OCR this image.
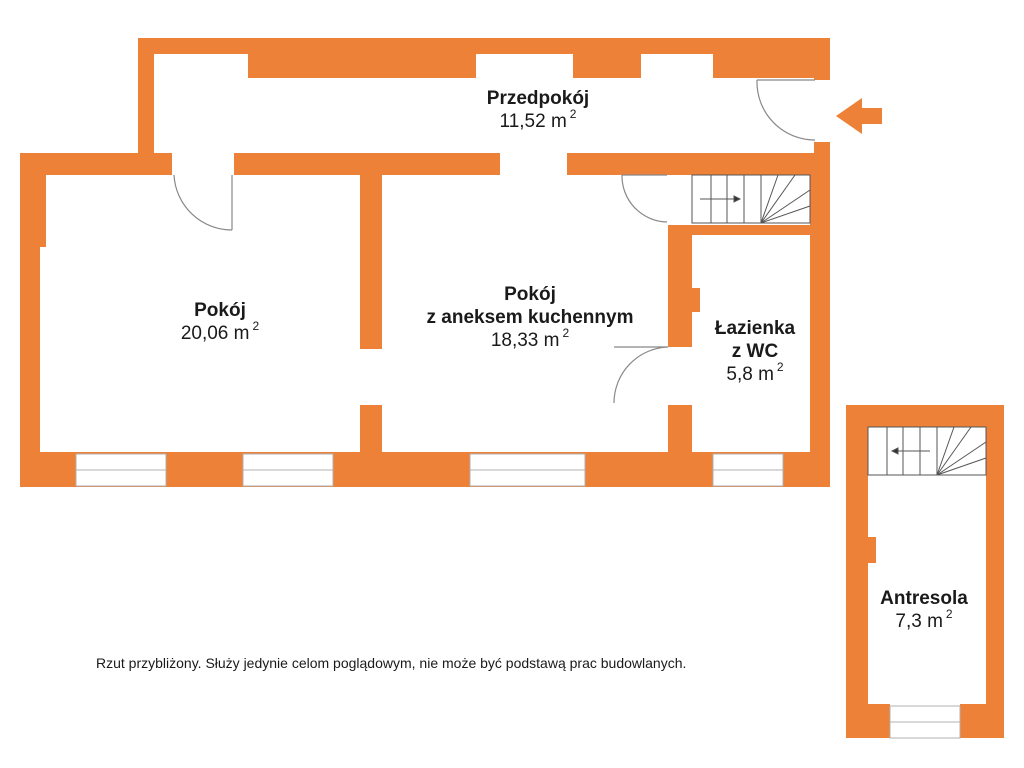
Przedpokój
11,52 m $^2$
Pokój
20,06 m $^2$
Pokój
z aneksem kuchennym
18,33 m $^2$	Łazienka
z WC
5,8 m $^2$
Antresola
7,3 m $^2$
Rzut przybliżony. Służy jedynie celom poglądowym, nie może być podstawą prac budowlanych.
